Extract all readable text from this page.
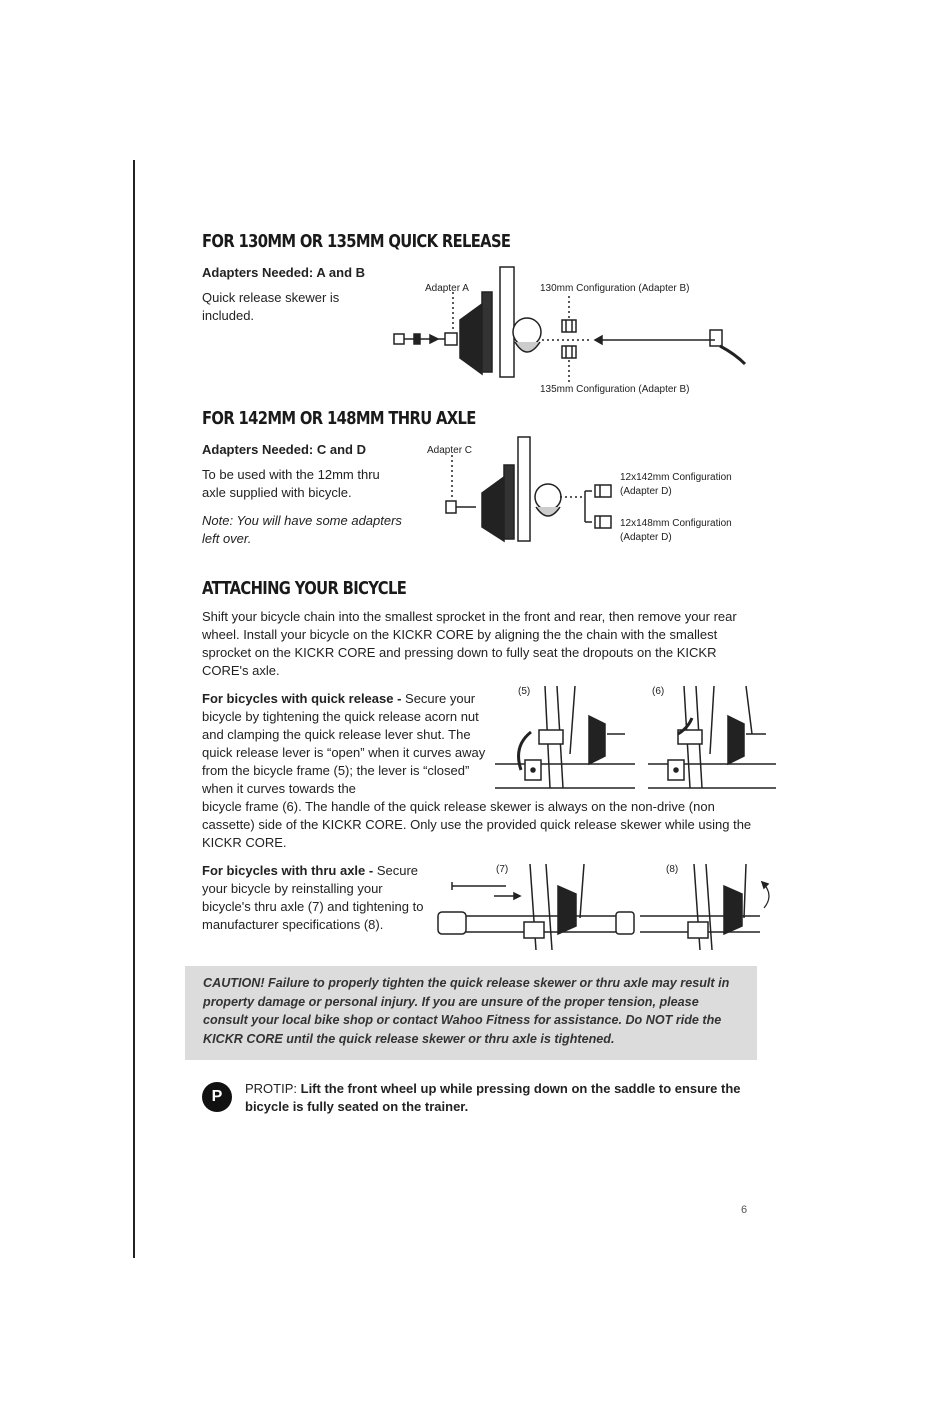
FOR 130MM OR 135MM QUICK RELEASE
Adapters Needed: A and B
Quick release skewer is included.
Adapter A	130mm Configuration (Adapter B)
135mm Configuration (Adapter B)
FOR 142MM OR 148MM THRU AXLE
Adapters Needed: C and D
To be used with the 12mm thru axle supplied with bicycle.
Note: You will have some adapters left over.
Adapter C
12x142mm Configuration
(Adapter D)
12x148mm Configuration
(Adapter D)
ATTACHING YOUR BICYCLE
Shift your bicycle chain into the smallest sprocket in the front and rear, then remove your rear wheel. Install your bicycle on the KICKR CORE by aligning the the chain with the smallest sprocket on the KICKR CORE and pressing down to fully seat the dropouts on the KICKR CORE's axle.
For bicycles with quick release - Secure your bicycle by tightening the quick release acorn nut and clamping the quick release lever shut. The quick release lever is “open” when it curves away from the bicycle frame (5); the lever is “closed” when it curves towards the
bicycle frame (6). The handle of the quick release skewer is always on the non-drive (non cassette) side of the KICKR CORE. Only use the provided quick release skewer while using the KICKR CORE.
(5)	(6)
For bicycles with thru axle - Secure your bicycle by reinstalling your bicycle's thru axle (7) and tightening to manufacturer specifications (8).
(7)	(8)
CAUTION! Failure to properly tighten the quick release skewer or thru axle may result in property damage or personal injury. If you are unsure of the proper tension, please consult your local bike shop or contact Wahoo Fitness for assistance. Do NOT ride the KICKR CORE until the quick release skewer or thru axle is tightened.
P	PROTIP: Lift the front wheel up while pressing down on the saddle to ensure the bicycle is fully seated on the trainer.
6
